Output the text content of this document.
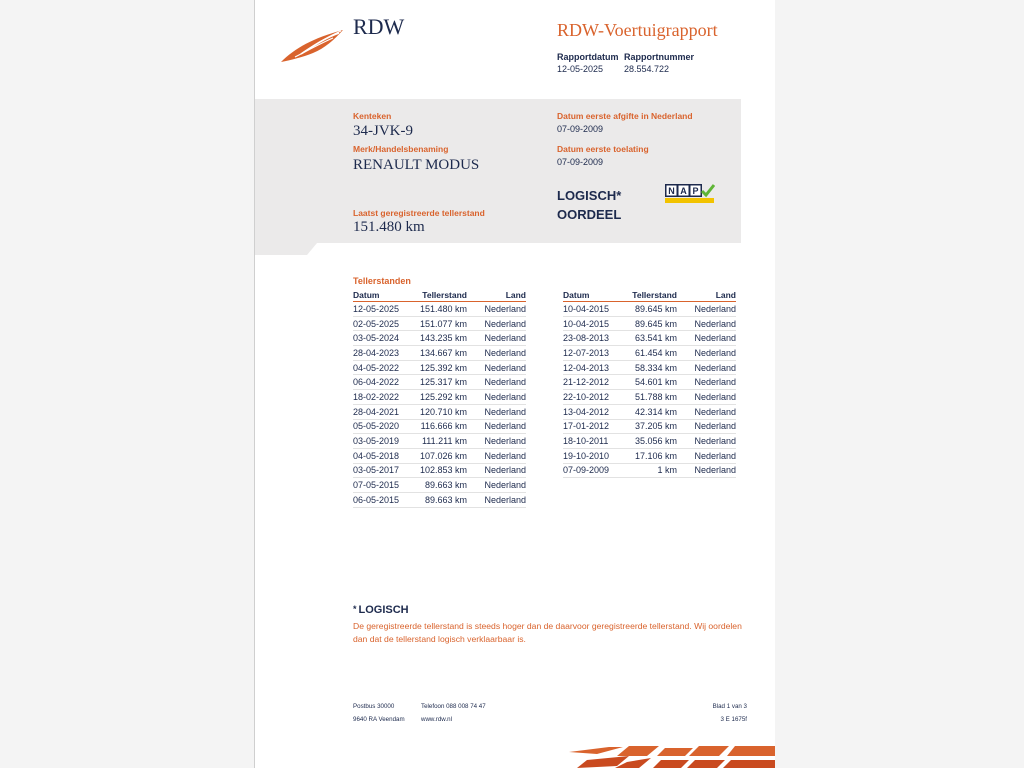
RDW	RDW-Voertuigrapport
Rapportdatum
12-05-2025
Rapportnummer
28.554.722
Kenteken
34-JVK-9
Merk/Handelsbenaming
RENAULT MODUS
Laatst geregistreerde tellerstand
151.480 km
Datum eerste afgifte in Nederland
07-09-2009
Datum eerste toelating
07-09-2009
LOGISCH*
OORDEEL
N A P
Tellerstanden
Datum	Tellerstand	Land
12-05-2025	151.480 km	Nederland
02-05-2025	151.077 km	Nederland
03-05-2024	143.235 km	Nederland
28-04-2023	134.667 km	Nederland
04-05-2022	125.392 km	Nederland
06-04-2022	125.317 km	Nederland
18-02-2022	125.292 km	Nederland
28-04-2021	120.710 km	Nederland
05-05-2020	116.666 km	Nederland
03-05-2019	111.211 km	Nederland
04-05-2018	107.026 km	Nederland
03-05-2017	102.853 km	Nederland
07-05-2015	89.663 km	Nederland
06-05-2015	89.663 km	Nederland
Datum	Tellerstand	Land
10-04-2015	89.645 km	Nederland
10-04-2015	89.645 km	Nederland
23-08-2013	63.541 km	Nederland
12-07-2013	61.454 km	Nederland
12-04-2013	58.334 km	Nederland
21-12-2012	54.601 km	Nederland
22-10-2012	51.788 km	Nederland
13-04-2012	42.314 km	Nederland
17-01-2012	37.205 km	Nederland
18-10-2011	35.056 km	Nederland
19-10-2010	17.106 km	Nederland
07-09-2009	1 km	Nederland
* LOGISCH

De geregistreerde tellerstand is steeds hoger dan de daarvoor geregistreerde tellerstand. Wij oordelen dan dat de tellerstand logisch verklaarbaar is.

Postbus 30000
9640 RA Veendam
Telefoon 088 008 74 47
www.rdw.nl
Blad 1 van 3
3 E 1675f
